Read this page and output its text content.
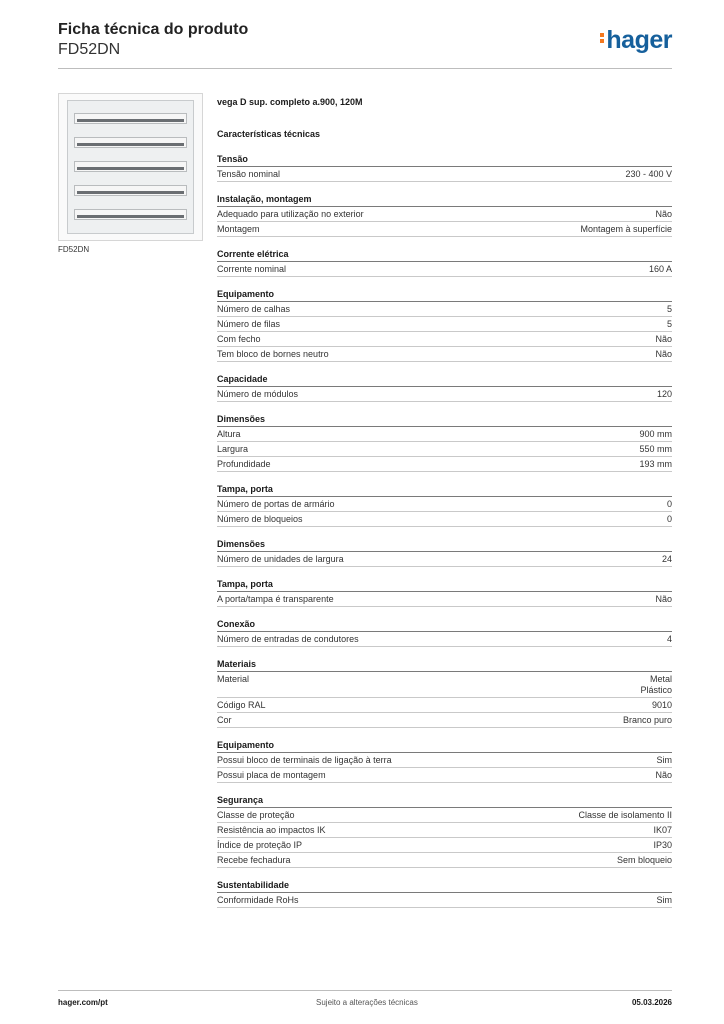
Ficha técnica do produto
FD52DN	hager
FD52DN
vega D sup. completo a.900, 120M
Características técnicas
Tensão
Tensão nominal	230 - 400 V
Instalação, montagem
Adequado para utilização no exterior	Não
Montagem	Montagem à superfície
Corrente elétrica
Corrente nominal	160 A
Equipamento
Número de calhas	5
Número de filas	5
Com fecho	Não
Tem bloco de bornes neutro	Não
Capacidade
Número de módulos	120
Dimensões
Altura	900 mm
Largura	550 mm
Profundidade	193 mm
Tampa, porta
Número de portas de armário	0
Número de bloqueios	0
Dimensões
Número de unidades de largura	24
Tampa, porta
A porta/tampa é transparente	Não
Conexão
Número de entradas de condutores	4
Materiais
Material	Metal
Plástico
Código RAL	9010
Cor	Branco puro
Equipamento
Possui bloco de terminais de ligação à terra	Sim
Possui placa de montagem	Não
Segurança
Classe de proteção	Classe de isolamento II
Resistência ao impactos IK	IK07
Índice de proteção IP	IP30
Recebe fechadura	Sem bloqueio
Sustentabilidade
Conformidade RoHs	Sim
hager.com/pt	Sujeito a alterações técnicas	05.03.2026
